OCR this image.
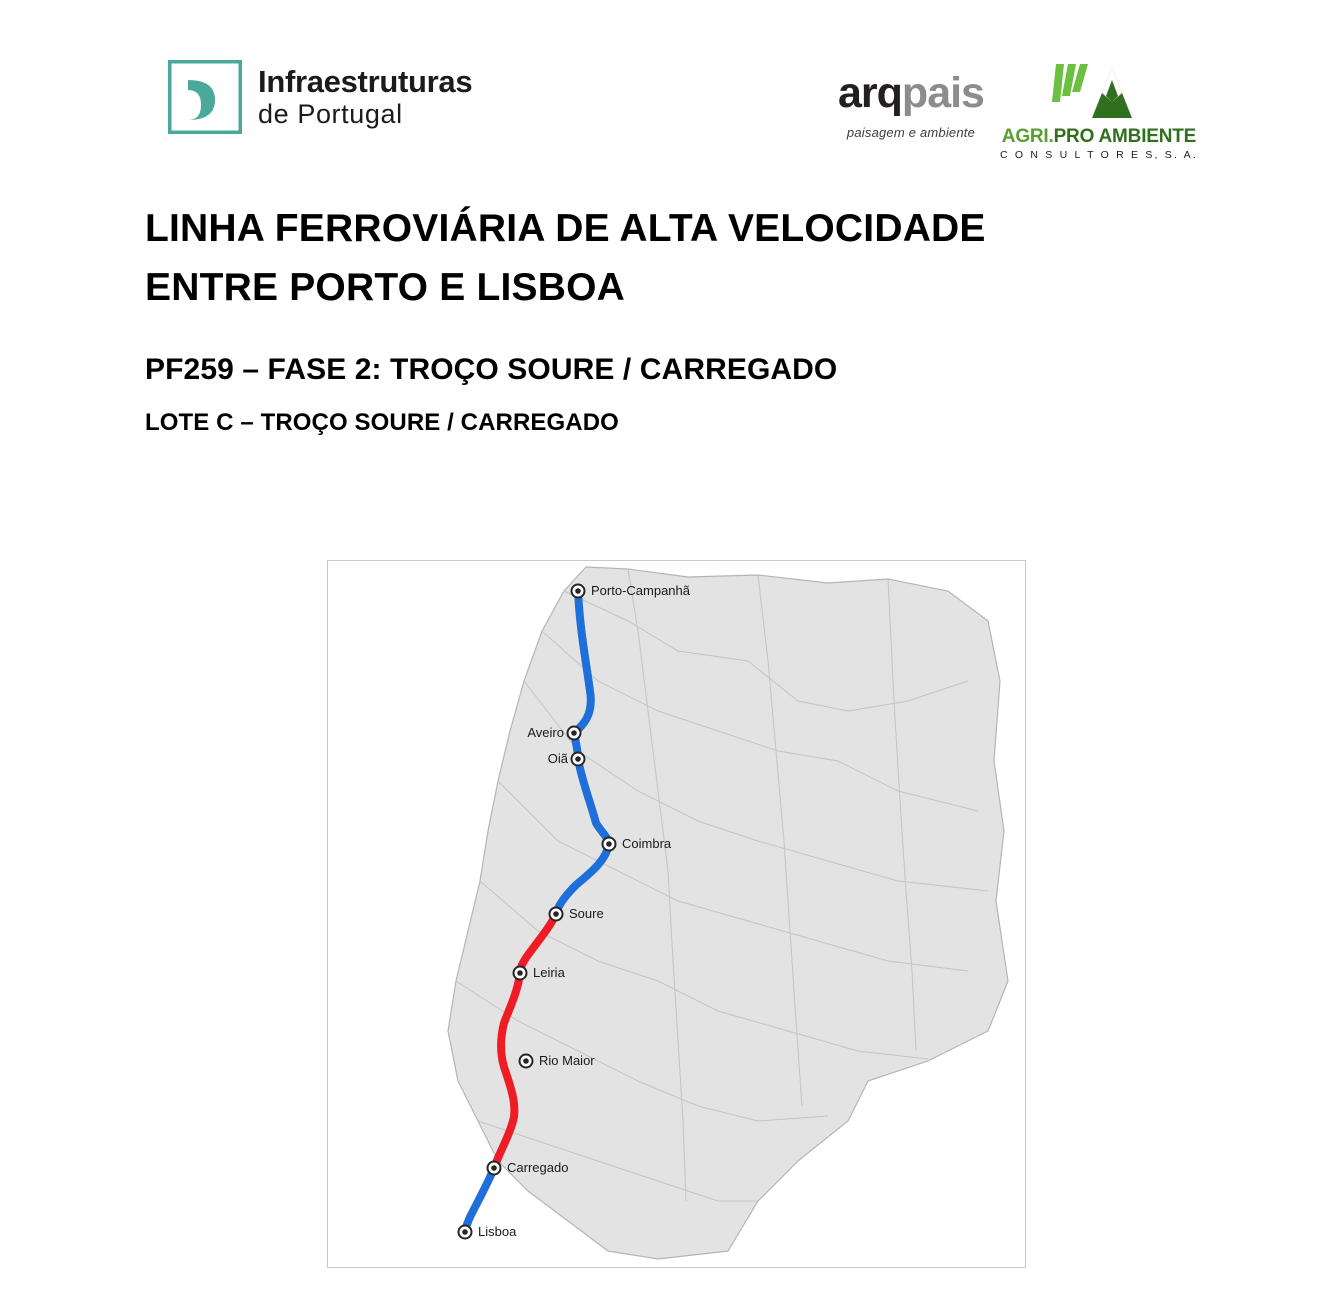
Infraestruturas
de Portugal	arqpais
paisagem e ambiente	AGRI.PRO AMBIENTE
C O N S U L T O R E S, S. A.
LINHA FERROVIÁRIA DE ALTA VELOCIDADE
ENTRE PORTO E LISBOA
PF259 – FASE 2: TROÇO SOURE / CARREGADO
LOTE C – TROÇO SOURE / CARREGADO
Porto-Campanhã
Aveiro
Oiã
Coimbra
Soure
Leiria
Rio Maior
Carregado
Lisboa
